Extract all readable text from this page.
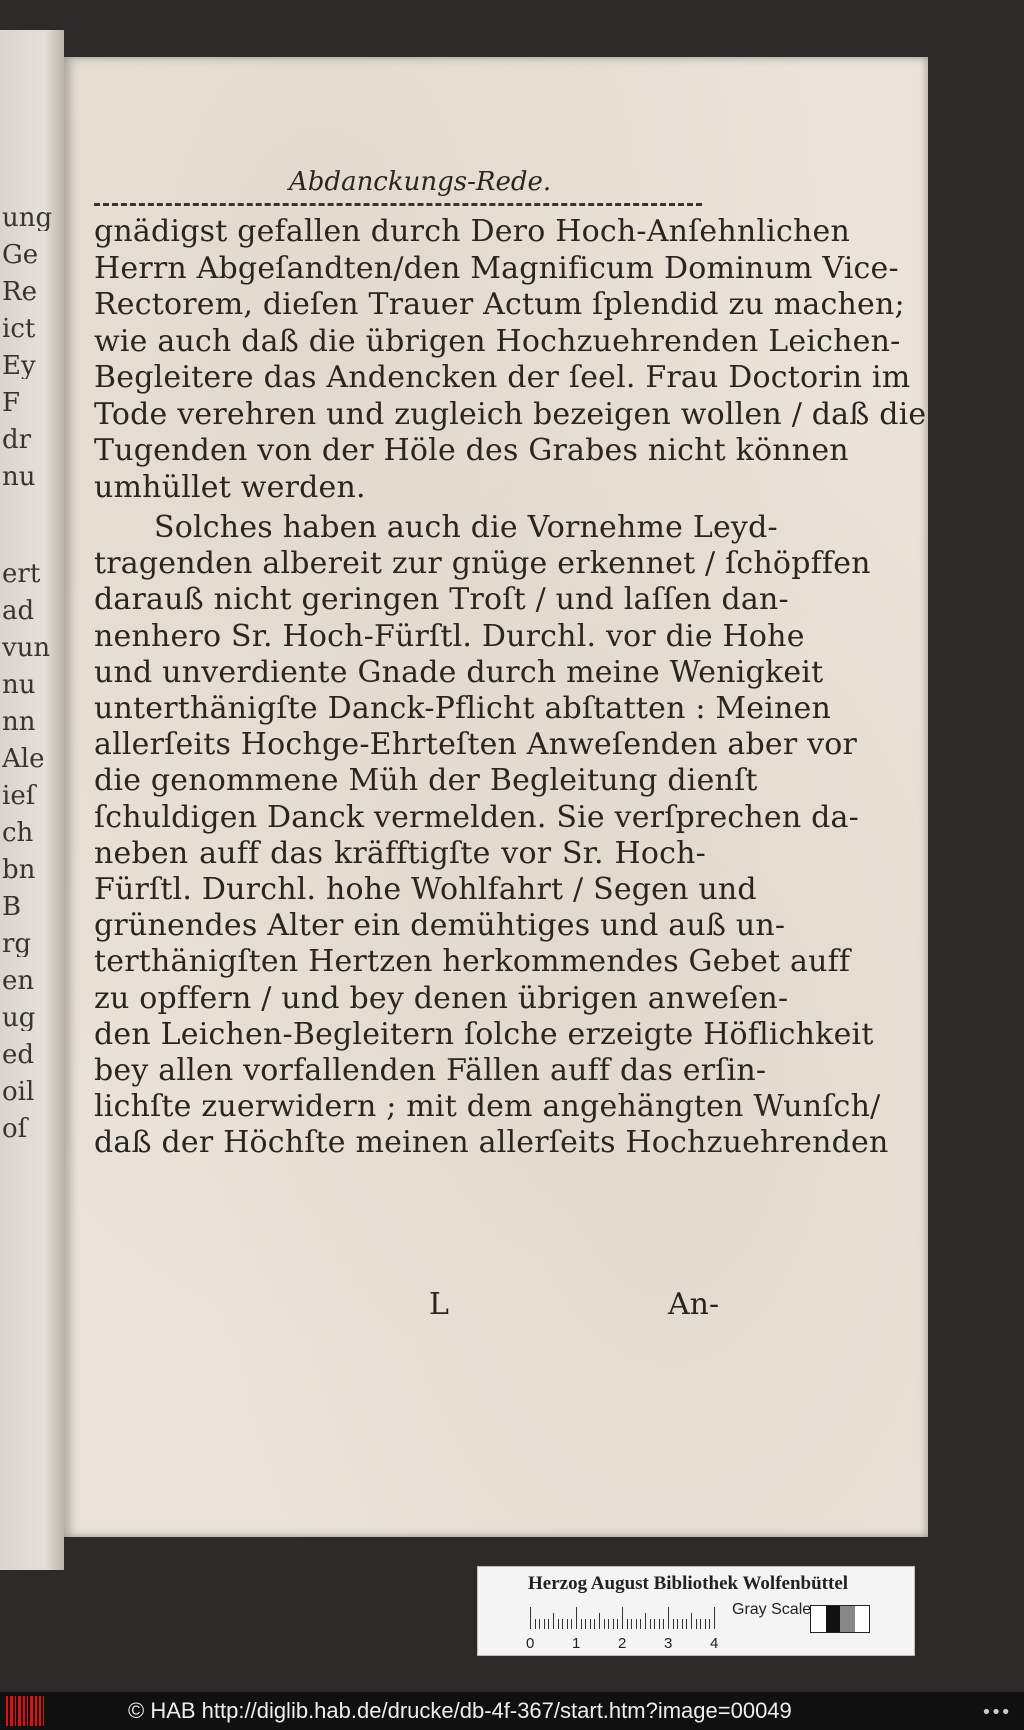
ung
Ge
Re
ict
Ey
F
dr
nu
ert
ad
vun
nu
nn
Ale
ieſ
ch
bn
B
rg
en
ug
ed
oil
oſ
Abdanckungs-Rede.
gnädigst gefallen durch Dero Hoch-Anſehnlichen
Herrn Abgeſandten/den Magnificum Dominum Vice-
Rectorem, dieſen Trauer Actum ſplendid zu machen;
wie auch daß die übrigen Hochzuehrenden Leichen-
Begleitere das Andencken der ſeel. Frau Doctorin im
Tode verehren und zugleich bezeigen wollen / daß die
Tugenden von der Höle des Grabes nicht können
umhüllet werden.
Solches haben auch die Vornehme Leyd-
tragenden albereit zur gnüge erkennet / ſchöpffen
darauß nicht geringen Troſt / und laſſen dan-
nenhero Sr. Hoch-Fürſtl. Durchl. vor die Hohe
und unverdiente Gnade durch meine Wenigkeit
unterthänigſte Danck-Pflicht abſtatten : Meinen
allerſeits Hochge-Ehrteſten Anweſenden aber vor
die genommene Müh der Begleitung dienſt
ſchuldigen Danck vermelden. Sie verſprechen da-
neben auff das kräfftigſte vor Sr. Hoch-
Fürſtl. Durchl. hohe Wohlfahrt / Segen und
grünendes Alter ein demühtiges und auß un-
terthänigſten Hertzen herkommendes Gebet auff
zu opffern / und bey denen übrigen anweſen-
den Leichen-Begleitern ſolche erzeigte Höflichkeit
bey allen vorfallenden Fällen auff das erſin-
lichſte zuerwidern ; mit dem angehängten Wunſch/
daß der Höchſte meinen allerſeits Hochzuehrenden
L	An-
Herzog August Bibliothek Wolfenbüttel
0	1	2	3	4
Gray Scale
© HAB http://diglib.hab.de/drucke/db-4f-367/start.htm?image=00049	•••
